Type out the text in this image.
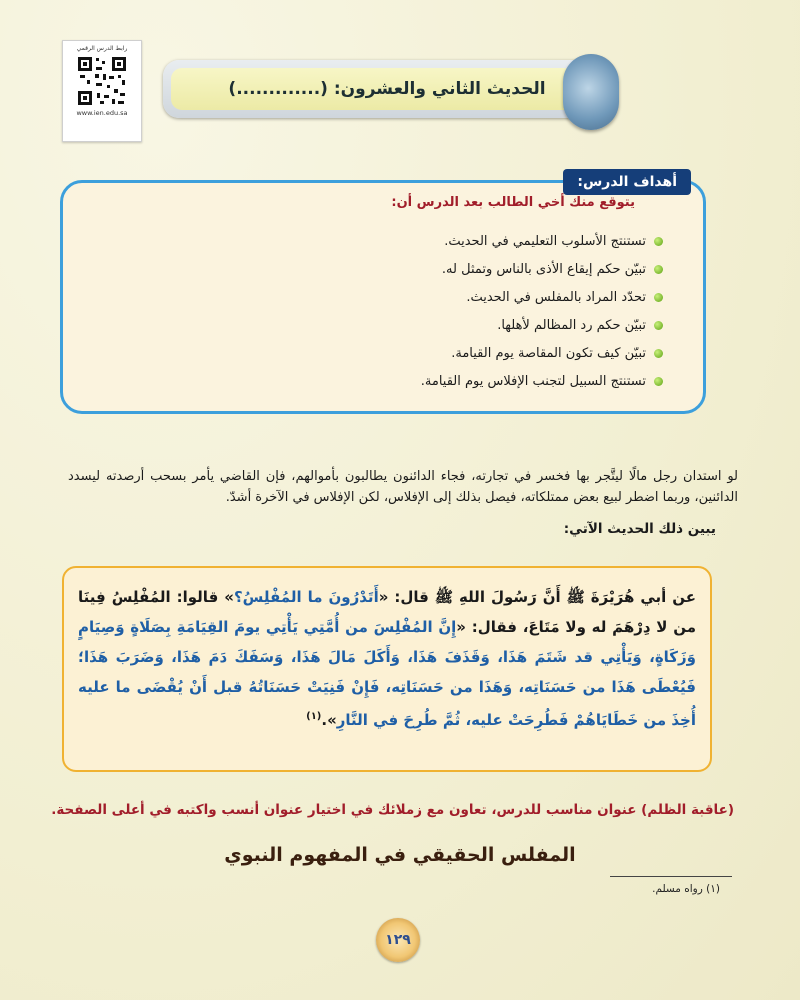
رابط الدرس الرقمي
www.ien.edu.sa
الحديث الثاني والعشرون: (.............)
أهداف الدرس:
يتوقع منك أخي الطالب بعد الدرس أن:
تستنتج الأسلوب التعليمي في الحديث.
تبيّن حكم إيقاع الأذى بالناس وتمثل له.
تحدّد المراد بالمفلس في الحديث.
تبيّن حكم رد المظالم لأهلها.
تبيّن كيف تكون المقاصة يوم القيامة.
تستنتج السبيل لتجنب الإفلاس يوم القيامة.
لو استدان رجل مالًا ليتَّجر بها فخسر في تجارته، فجاء الدائنون يطالبون بأموالهم، فإن القاضي يأمر بسحب أرصدته ليسدد الدائنين، وربما اضطر لبيع بعض ممتلكاته، فيصل بذلك إلى الإفلاس، لكن الإفلاس في الآخرة أشدّ.
يبين ذلك الحديث الآتي:
عن أبي هُرَيْرَةَ ﷺ أَنَّ رَسُولَ اللهِ ﷺ قال: «أَتَدْرُونَ ما المُفْلِسُ؟» قالوا: المُفْلِسُ فِينَا من لا دِرْهَمَ له ولا مَتَاعَ، فقال: «إِنَّ المُفْلِسَ من أُمَّتِي يَأْتِي يومَ القِيَامَةِ بِصَلَاةٍ وَصِيَامٍ وَزَكَاةٍ، وَيَأْتِي قد شَتَمَ هَذَا، وَقَذَفَ هَذَا، وَأَكَلَ مَالَ هَذَا، وَسَفَكَ دَمَ هَذَا، وَضَرَبَ هَذَا؛ فَيُعْطَى هَذَا من حَسَنَاتِه، وَهَذَا من حَسَنَاتِه، فَإِنْ فَنِيَتْ حَسَنَاتُهُ قبل أَنْ يُقْضَى ما عليه أُخِذَ من خَطَايَاهُمْ فَطُرِحَتْ عليه، ثُمَّ طُرِحَ في النَّارِ».$^{(١)}$
(عاقبة الظلم) عنوان مناسب للدرس، تعاون مع زملائك في اختيار عنوان أنسب واكتبه في أعلى الصفحة.
المفلس الحقيقي في المفهوم النبوي
(١) رواه مسلم.
١٢٩
